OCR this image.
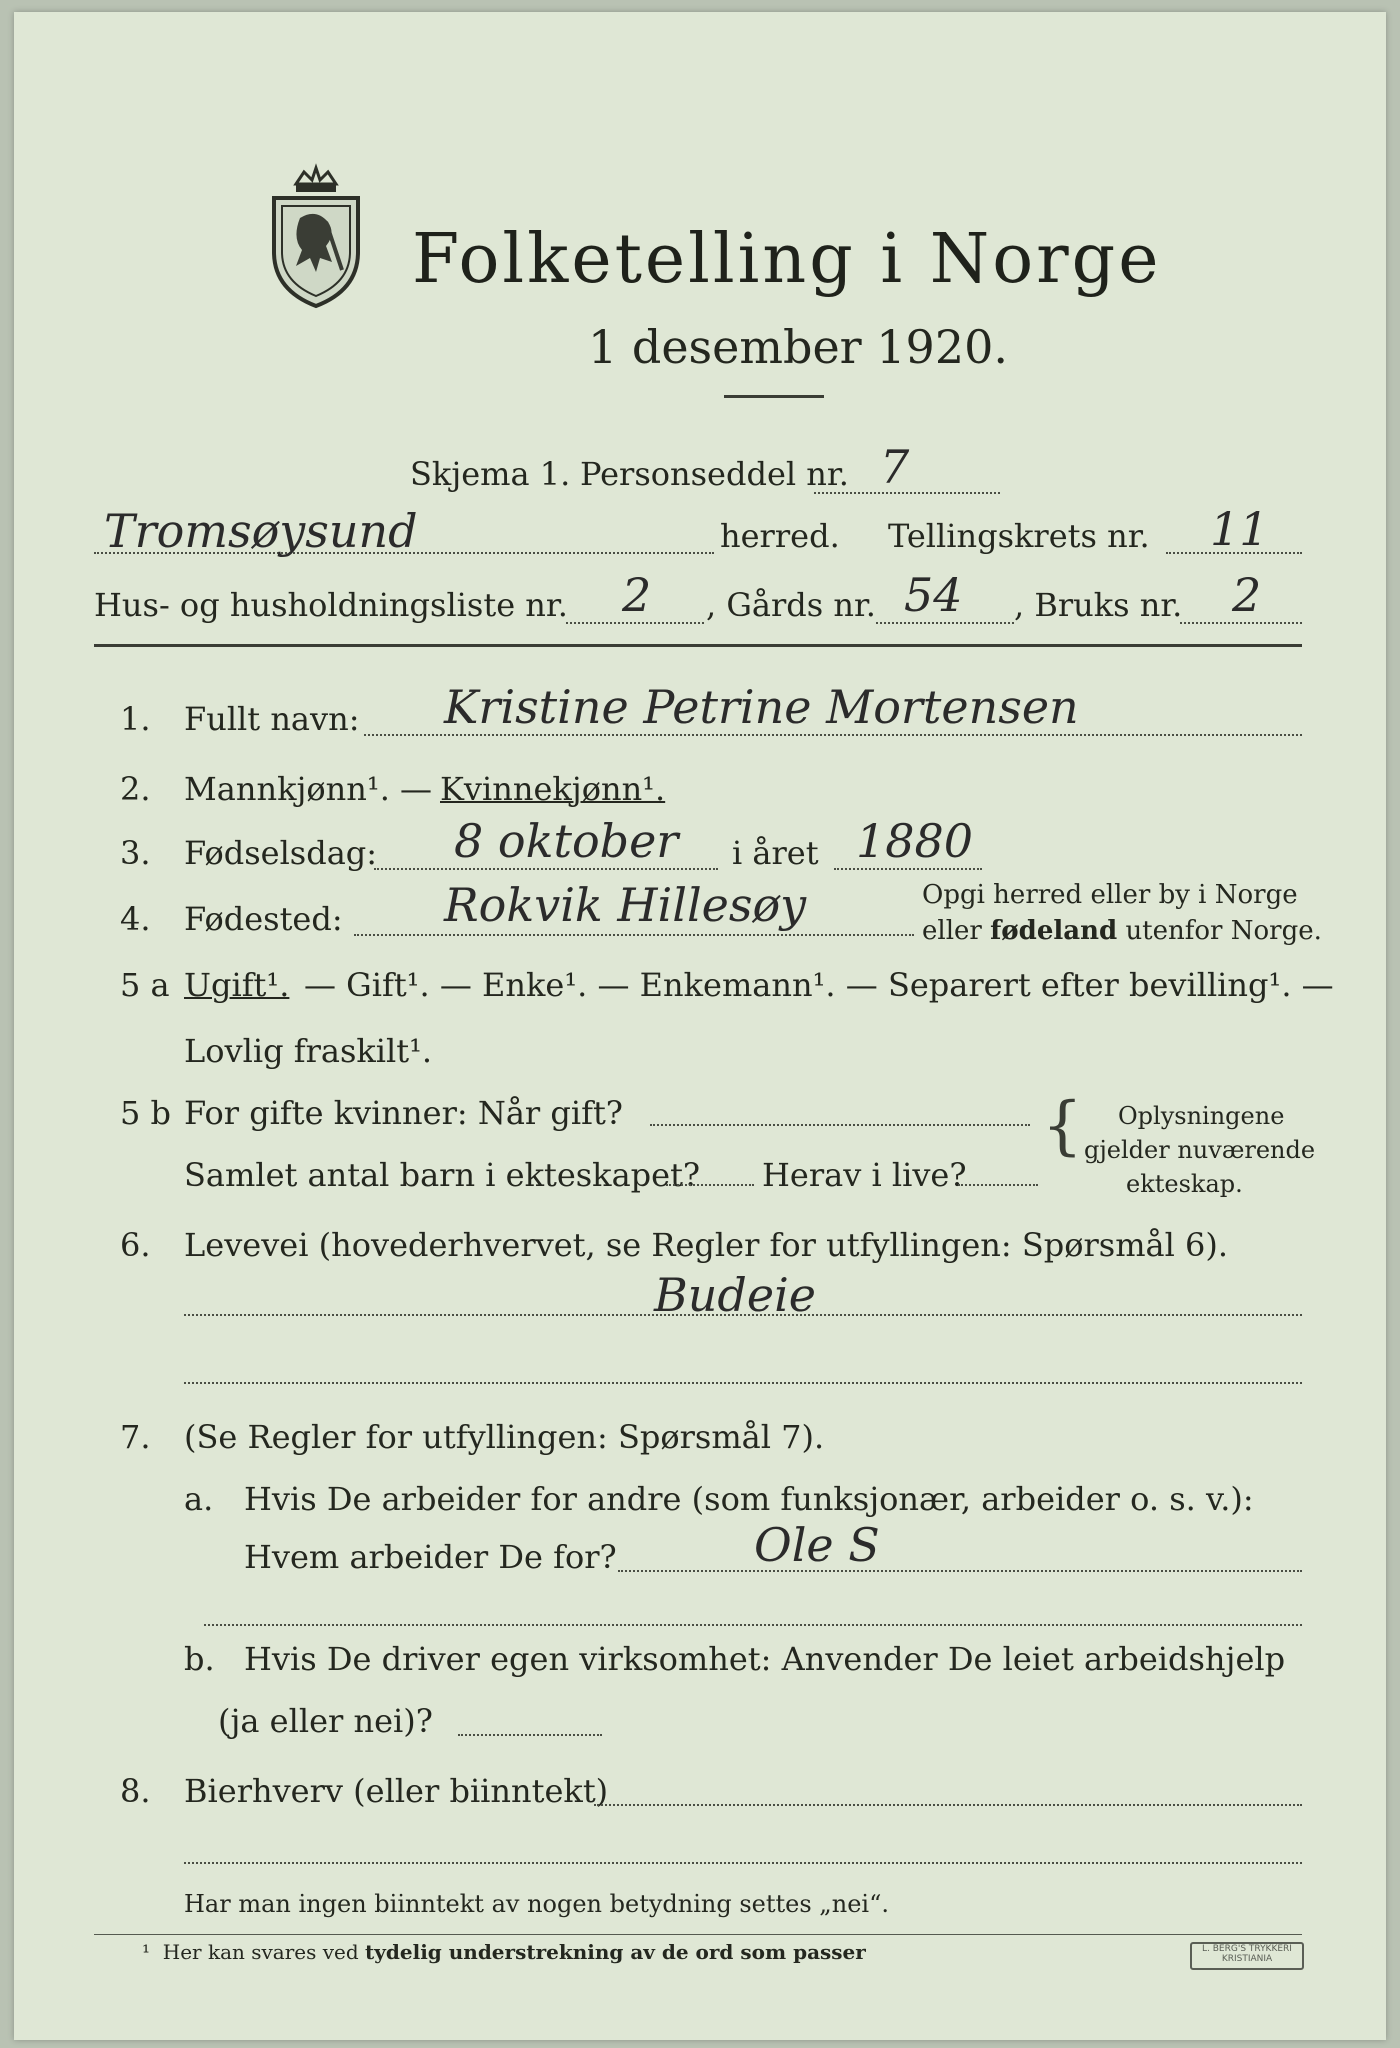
Folketelling i Norge
1 desember 1920.
Skjema 1. Personseddel nr. 7
Tromsøysund	herred. Tellingskrets nr. 11
Hus- og husholdningsliste nr. 2 , Gårds nr. 54 , Bruks nr. 2
1. Fullt navn: Kristine Petrine Mortensen
2. Mannkjønn¹. — Kvinnekjønn¹.
3. Fødselsdag: 8 oktober i året 1880
4. Fødested: Rokvik Hillesøy	Opgi herred eller by i Norge
eller fødeland utenfor Norge.
5 a Ugift¹. — Gift¹. — Enke¹. — Enkemann¹. — Separert efter bevilling¹. —
Lovlig fraskilt¹.
5 b For gifte kvinner: Når gift?
Samlet antal barn i ekteskapet? Herav i live?
{ Oplysningene
gjelder nuværende
ekteskap.
6. Levevei (hovederhvervet, se Regler for utfyllingen: Spørsmål 6).
Budeie
7. (Se Regler for utfyllingen: Spørsmål 7).
a. Hvis De arbeider for andre (som funksjonær, arbeider o. s. v.):
Hvem arbeider De for?	Ole S
b. Hvis De driver egen virksomhet: Anvender De leiet arbeidshjelp
(ja eller nei)?
8. Bierhverv (eller biinntekt)
Har man ingen biinntekt av nogen betydning settes „nei“.
¹ Her kan svares ved tydelig understrekning av de ord som passer	L. BERG'S TRYKKERI KRISTIANIA
